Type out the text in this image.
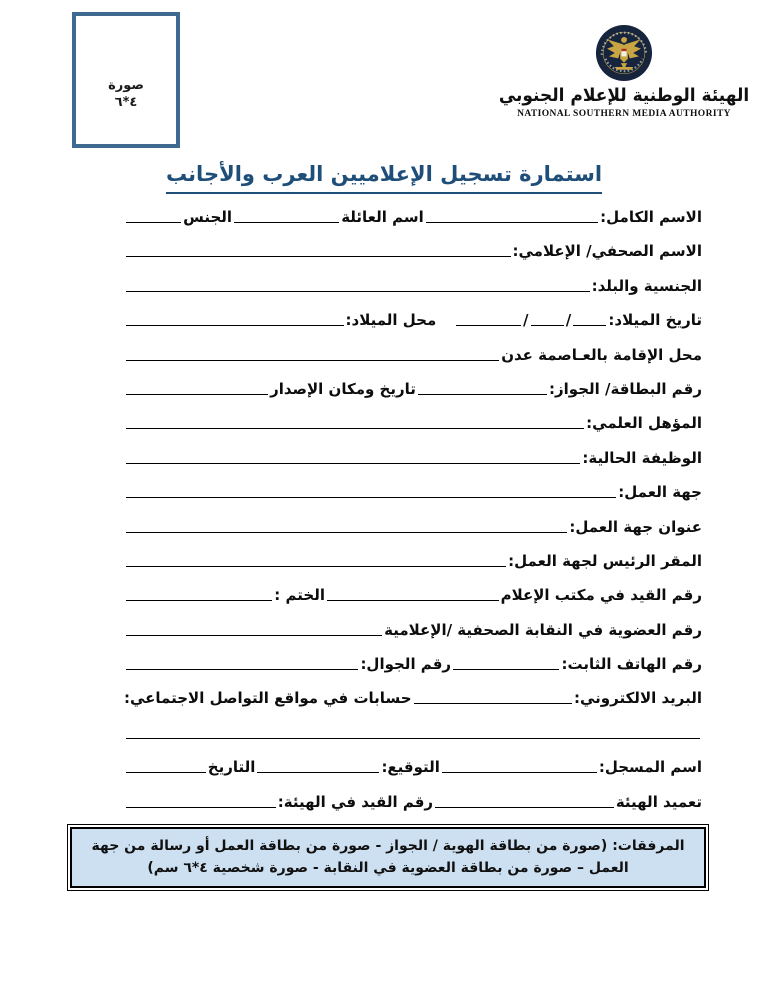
صورة
٤*٦	الهيئة الوطنية للإعلام الجنوبي
NATIONAL SOUTHERN MEDIA AUTHORITY
استمارة تسجيل الإعلاميين العرب والأجانب
الاسم الكامل:
اسم العائلة
الجنس
الاسم الصحفي/ الإعلامي:
الجنسية والبلد:
تاريخ الميلاد:
/
/
محل الميلاد:
محل الإقامة بالعـاصمة عدن
رقم البطاقة/ الجواز:
تاريخ ومكان الإصدار
المؤهل العلمي:
الوظيفة الحالية:
جهة العمل:
عنوان جهة العمل:
المقر الرئيس لجهة العمل:
رقم القيد في مكتب الإعلام
الختم :
رقم العضوية في النقابة الصحفية /الإعلامية
رقم الهاتف الثابت:
رقم الجوال:
البريد الالكتروني:
حسابات في مواقع التواصل الاجتماعي:
اسم المسجل:
التوقيع:
التاريخ
تعميد الهيئة
رقم القيد في الهيئة:
المرفقات: (صورة من بطاقة الهوية / الجواز - صورة من بطاقة العمل أو رسالة من جهة العمل – صورة من بطاقة العضوية في النقابة - صورة شخصية ٤*٦ سم)
